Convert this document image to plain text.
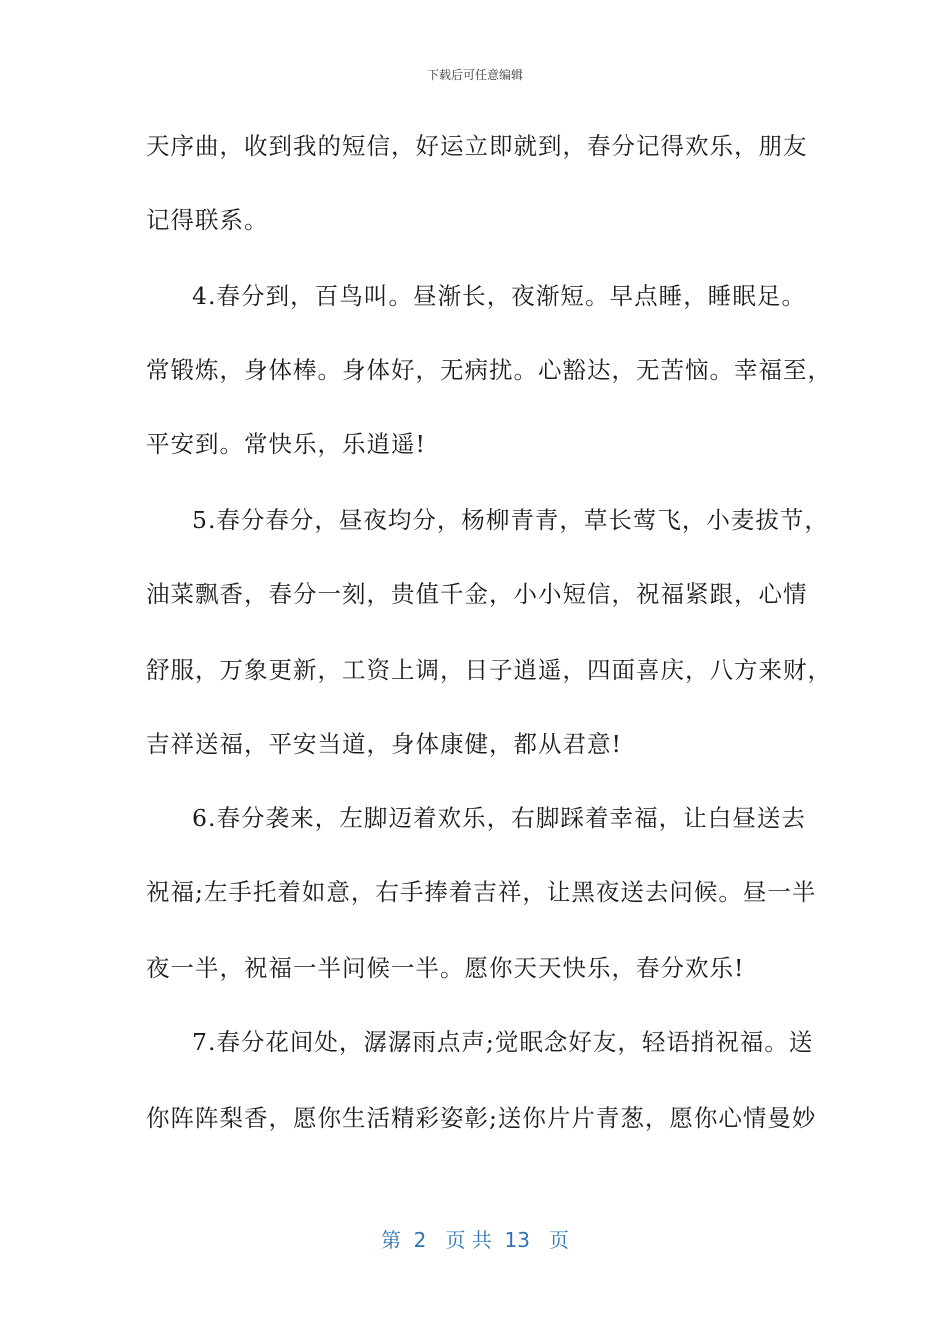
下载后可任意编辑
天序曲，收到我的短信，好运立即就到，春分记得欢乐，朋友
记得联系。
4.春分到，百鸟叫。昼渐长，夜渐短。早点睡，睡眠足。
常锻炼，身体棒。身体好，无病扰。心豁达，无苦恼。幸福至，
平安到。常快乐，乐逍遥!
5.春分春分，昼夜均分，杨柳青青，草长莺飞，小麦拔节，
油菜飘香，春分一刻，贵值千金，小小短信，祝福紧跟，心情
舒服，万象更新，工资上调，日子逍遥，四面喜庆，八方来财，
吉祥送福，平安当道，身体康健，都从君意!
6.春分袭来，左脚迈着欢乐，右脚踩着幸福，让白昼送去
祝福;左手托着如意，右手捧着吉祥，让黑夜送去问候。昼一半
夜一半，祝福一半问候一半。愿你天天快乐，春分欢乐!
7.春分花间处，潺潺雨点声;觉眠念好友，轻语捎祝福。送
你阵阵梨香，愿你生活精彩姿彰;送你片片青葱，愿你心情曼妙
第  2   页 共  13   页
